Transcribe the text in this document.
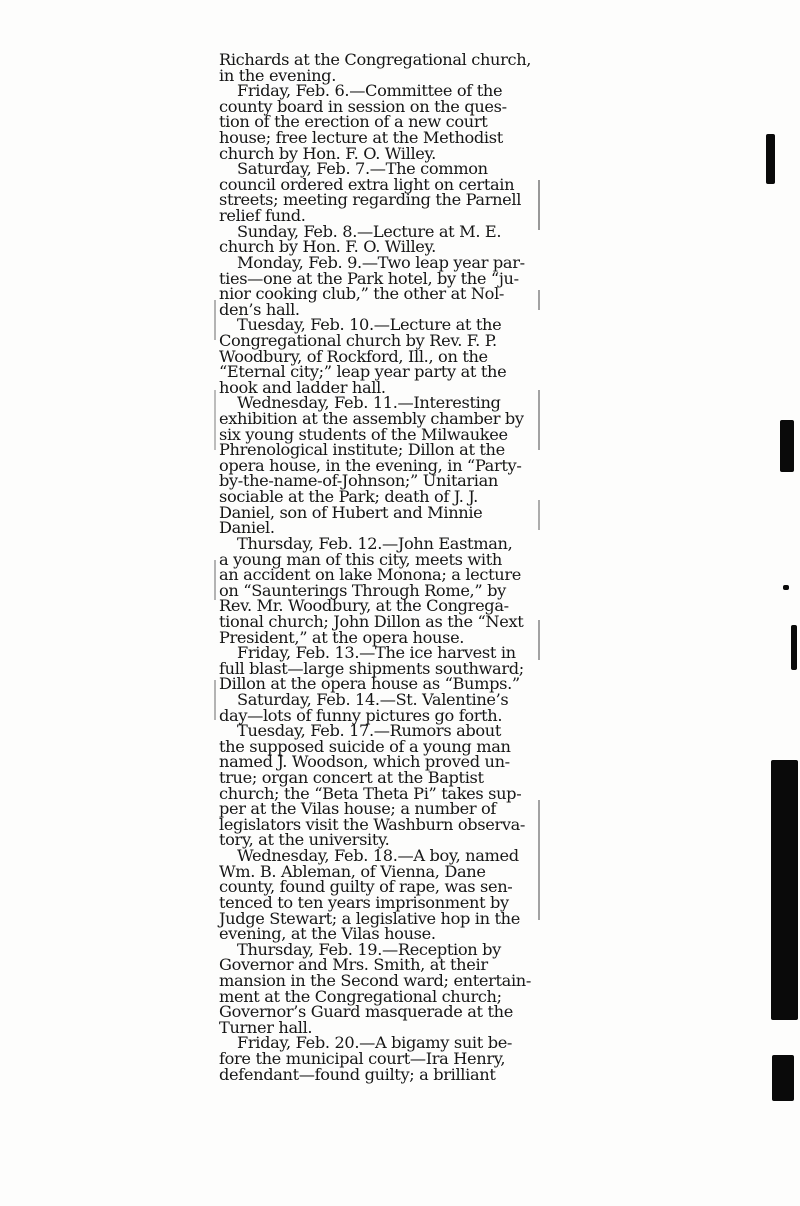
Richards at the Congregational church,
in the evening.
Friday, Feb. 6.—Committee of the
county board in session on the ques-
tion of the erection of a new court
house; free lecture at the Methodist
church by Hon. F. O. Willey.
Saturday, Feb. 7.—The common
council ordered extra light on certain
streets; meeting regarding the Parnell
relief fund.
Sunday, Feb. 8.—Lecture at M. E.
church by Hon. F. O. Willey.
Monday, Feb. 9.—Two leap year par-
ties—one at the Park hotel, by the “ju-
nior cooking club,” the other at Nol-
den’s hall.
Tuesday, Feb. 10.—Lecture at the
Congregational church by Rev. F. P.
Woodbury, of Rockford, Ill., on the
“Eternal city;” leap year party at the
hook and ladder hall.
Wednesday, Feb. 11.—Interesting
exhibition at the assembly chamber by
six young students of the Milwaukee
Phrenological institute; Dillon at the
opera house, in the evening, in “Party-
by-the-name-of-Johnson;” Unitarian
sociable at the Park; death of J. J.
Daniel, son of Hubert and Minnie
Daniel.
Thursday, Feb. 12.—John Eastman,
a young man of this city, meets with
an accident on lake Monona; a lecture
on “Saunterings Through Rome,” by
Rev. Mr. Woodbury, at the Congrega-
tional church; John Dillon as the “Next
President,” at the opera house.
Friday, Feb. 13.—The ice harvest in
full blast—large shipments southward;
Dillon at the opera house as “Bumps.”
Saturday, Feb. 14.—St. Valentine’s
day—lots of funny pictures go forth.
Tuesday, Feb. 17.—Rumors about
the supposed suicide of a young man
named J. Woodson, which proved un-
true; organ concert at the Baptist
church; the “Beta Theta Pi” takes sup-
per at the Vilas house; a number of
legislators visit the Washburn observa-
tory, at the university.
Wednesday, Feb. 18.—A boy, named
Wm. B. Ableman, of Vienna, Dane
county, found guilty of rape, was sen-
tenced to ten years imprisonment by
Judge Stewart; a legislative hop in the
evening, at the Vilas house.
Thursday, Feb. 19.—Reception by
Governor and Mrs. Smith, at their
mansion in the Second ward; entertain-
ment at the Congregational church;
Governor’s Guard masquerade at the
Turner hall.
Friday, Feb. 20.—A bigamy suit be-
fore the municipal court—Ira Henry,
defendant—found guilty; a brilliant
